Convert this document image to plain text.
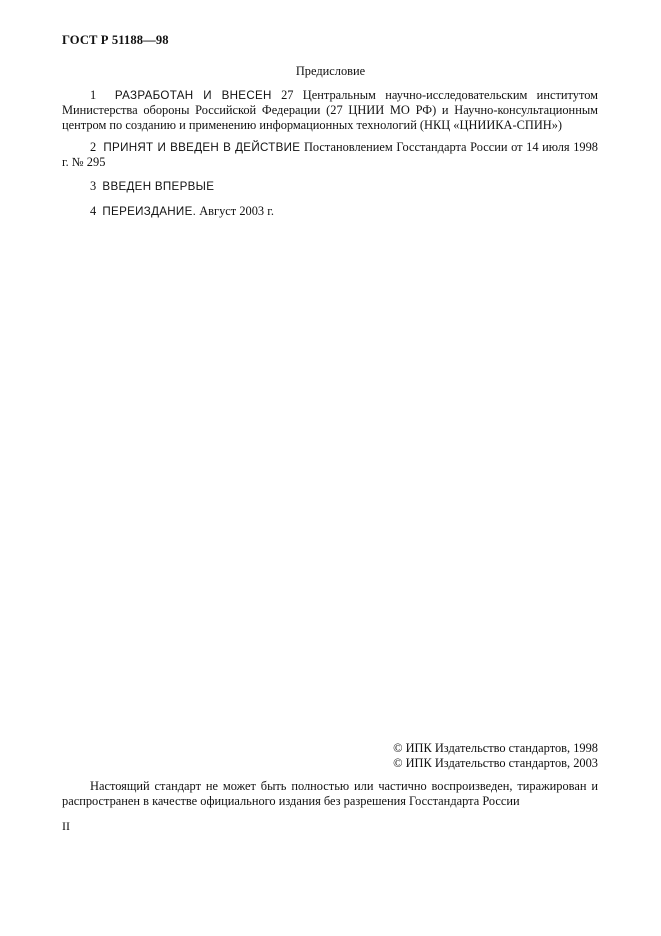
ГОСТ Р 51188—98
Предисловие
1 РАЗРАБОТАН И ВНЕСЕН 27 Центральным научно-исследовательским институтом Министерства обороны Российской Федерации (27 ЦНИИ МО РФ) и Научно-консультационным центром по созданию и применению информационных технологий (НКЦ «ЦНИИКА-СПИН»)
2 ПРИНЯТ И ВВЕДЕН В ДЕЙСТВИЕ Постановлением Госстандарта России от 14 июля 1998 г. № 295
3 ВВЕДЕН ВПЕРВЫЕ
4 ПЕРЕИЗДАНИЕ. Август 2003 г.
© ИПК Издательство стандартов, 1998
© ИПК Издательство стандартов, 2003
Настоящий стандарт не может быть полностью или частично воспроизведен, тиражирован и распространен в качестве официального издания без разрешения Госстандарта России
II
